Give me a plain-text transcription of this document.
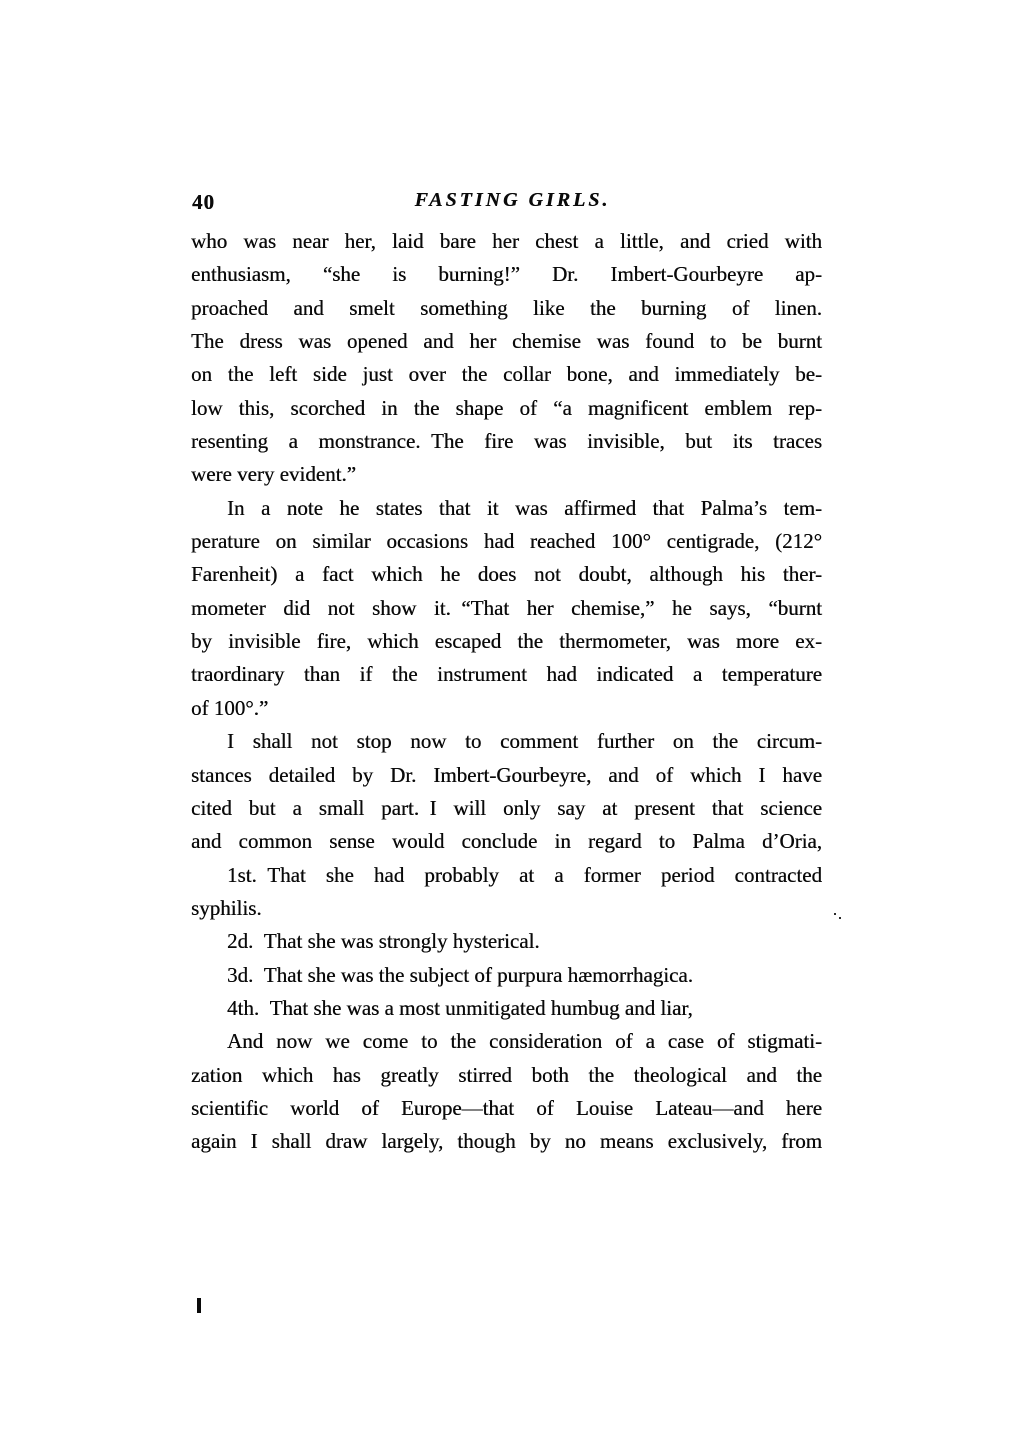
40	FASTING GIRLS.
who was near her, laid bare her chest a little, and cried with
enthusiasm, “she is burning!” Dr. Imbert-Gourbeyre ap-
proached and smelt something like the burning of linen.
The dress was opened and her chemise was found to be burnt
on the left side just over the collar bone, and immediately be-
low this, scorched in the shape of “a magnificent emblem rep-
resenting a monstrance. The fire was invisible, but its traces
were very evident.”
In a note he states that it was affirmed that Palma’s tem-
perature on similar occasions had reached 100° centigrade, (212°
Farenheit) a fact which he does not doubt, although his ther-
mometer did not show it. “That her chemise,” he says, “burnt
by invisible fire, which escaped the thermometer, was more ex-
traordinary than if the instrument had indicated a temperature
of 100°.”
I shall not stop now to comment further on the circum-
stances detailed by Dr. Imbert-Gourbeyre, and of which I have
cited but a small part. I will only say at present that science
and common sense would conclude in regard to Palma d’Oria,
1st. That she had probably at a former period contracted
syphilis.
2d. That she was strongly hysterical.
3d. That she was the subject of purpura hæmorrhagica.
4th. That she was a most unmitigated humbug and liar,
And now we come to the consideration of a case of stigmati-
zation which has greatly stirred both the theological and the
scientific world of Europe—that of Louise Lateau—and here
again I shall draw largely, though by no means exclusively, from
